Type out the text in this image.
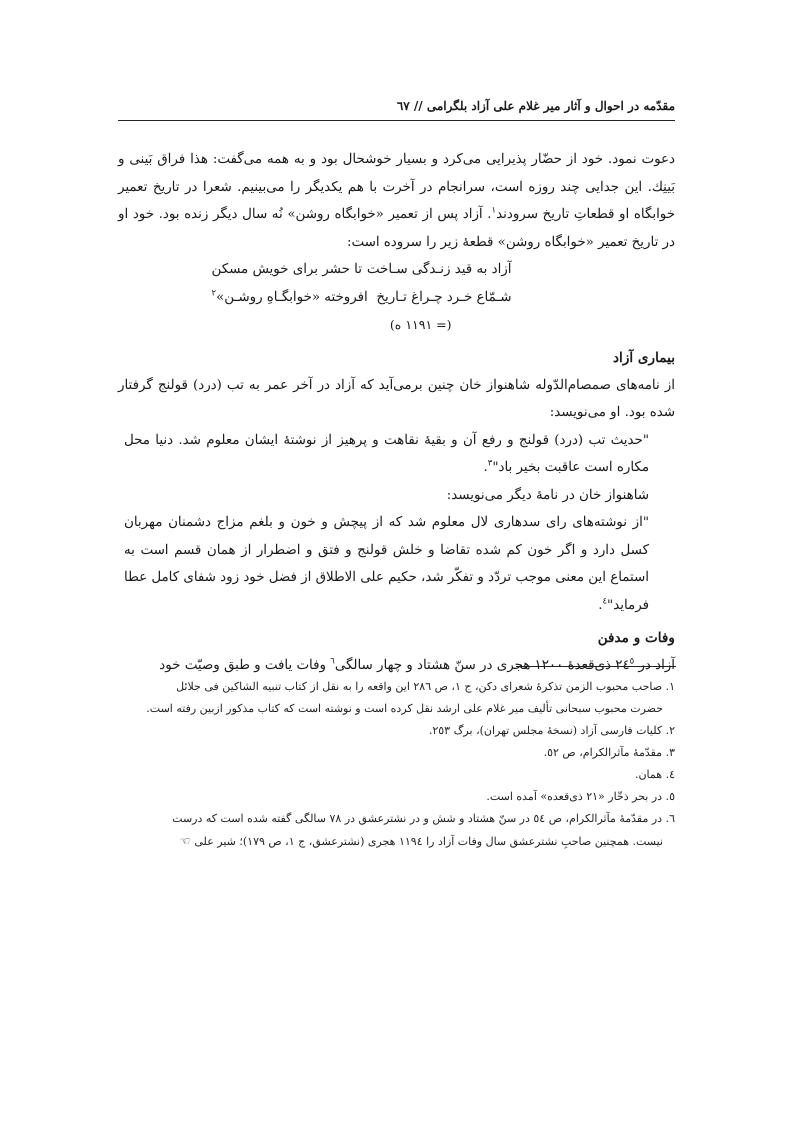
مقدّمه در احوال و آثار میر غلام علی آزاد بلگرامی // ٦٧

دعوت نمود. خود از حضّار پذیرایی می‌کرد و بسیار خوشحال بود و به همه می‌گفت: هذا فراق بَینی و بَینِك. این جدایی چند روزه است، سرانجام در آخرت با هم یکدیگر را می‌بینیم. شعرا در تاریخ تعمیر خوابگاه او قطعاتِ تاریخ سرودند$^١$. آزاد پس از تعمیر «خوابگاه روشن» نُه سال دیگر زنده بود. خود او در تاریخ تعمیر «خوابگاه روشن» قطعهٔ زیر را سروده است:

آزاد به قید زنـدگی سـاخت
تا حشر برای خویش مسکن
شـمّاع خـرد چـراغ تـاریخ
افروخته «خوابگـاهِ روشـن»$^٢$
(= ١١٩١ ه)
بیماری آزاد

از نامه‌های صمصام‌الدّوله شاهنواز خان چنین برمی‌آید که آزاد در آخر عمر به تب (درد) قولنج گرفتار شده بود. او می‌نویسد:

"حدیث تب (درد) قولنج و رفع آن و بقیهٔ نقاهت و پرهیز از نوشتهٔ ایشان معلوم شد. دنیا محل مکاره است عاقبت بخیر باد"$^٣$.

شاهنواز خان در نامهٔ دیگر می‌نویسد:

"از نوشته‌های رای سدهاری لال معلوم شد که از پیچش و خون و بلغم مزاج دشمنان مهربان کسل دارد و اگر خون کم شده تقاضا و خلش قولنج و فتق و اضطرار از همان قسم است به استماع این معنی موجب تردّد و تفکّر شد، حکیم علی الاطلاق از فضل خود زود شفای کامل عطا فرماید"$^٤$.

وفات و مدفن

آزاد در $٢٤^٥$ ذی‌قعدهٔ ١٢٠٠ هجری در سنّ هشتاد و چهار سالگی$^٦$ وفات یافت و طبق وصیّت خود

١. صاحب محبوب الزمن تذکرهٔ شعرای دکن، ج ١، ص ٢٨٦ این واقعه را به نقل از کتاب تنبیه الشاکین فی جلائل
حضرت محبوب سبحانی تألیف میر غلام علی ارشد نقل کرده است و نوشته است که کتاب مذکور ازبین رفته است.

٢. کلیات فارسی آزاد (نسخهٔ مجلس تهران)، برگ ٢٥٣.

٣. مقدّمهٔ مآثرالکرام، ص ٥٢.

٤. همان.

٥. در بحر ذخّار «٢١ ذی‌قعده» آمده است.

٦. در مقدّمهٔ مآثرالکرام، ص ٥٤ در سنّ هشتاد و شش و در نشترعشق در ٧٨ سالگی گفته شده است که درست
نیست. همچنین صاحبِ نشترعشق سال وفات آزاد را ١١٩٤ هجری (نشترعشق، ج ١، ص ١٧٩)؛ شیر علی☜
